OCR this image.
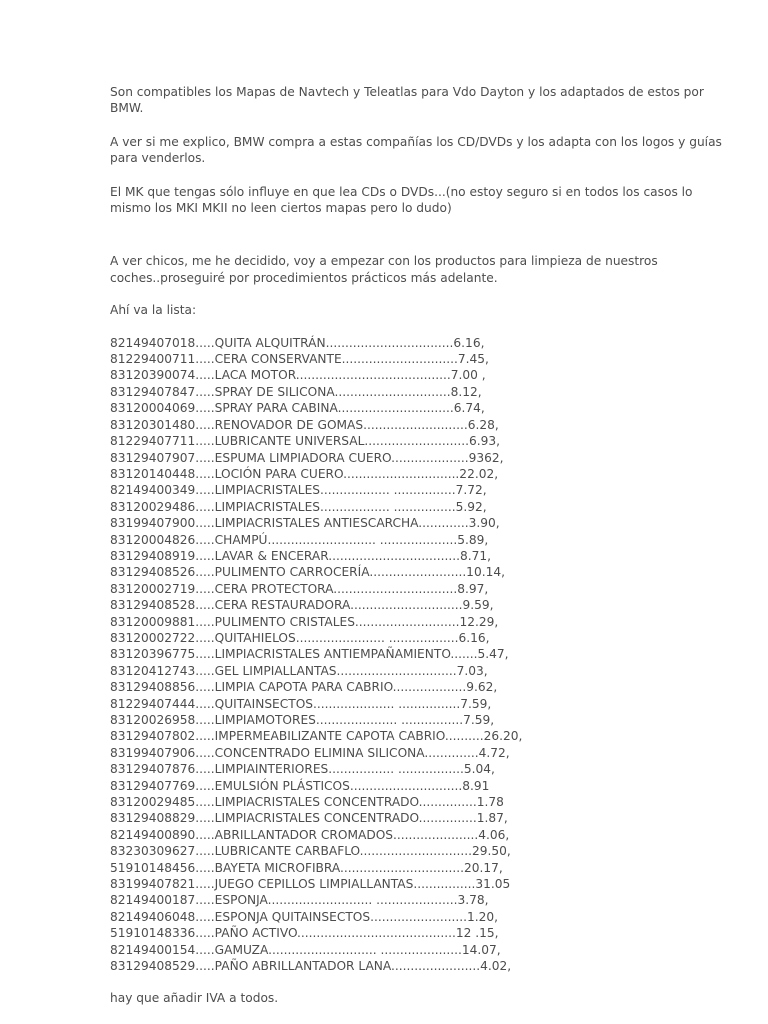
Son compatibles los Mapas de Navtech y Teleatlas para Vdo Dayton y los adaptados de estos por BMW.

A ver si me explico, BMW compra a estas compañías los CD/DVDs y los adapta con los logos y guías para venderlos.

El MK que tengas sólo influye en que lea CDs o DVDs...(no estoy seguro si en todos los casos lo mismo los MKI MKII no leen ciertos mapas pero lo dudo)

A ver chicos, me he decidido, voy a empezar con los productos para limpieza de nuestros coches..proseguiré por procedimientos prácticos más adelante.

Ahí va la lista:

82149407018.....QUITA ALQUITRÁN.................................6.16,
81229400711.....CERA CONSERVANTE..............................7.45,
83120390074.....LACA MOTOR........................................7.00 ,
83129407847.....SPRAY DE SILICONA..............................8.12,
83120004069.....SPRAY PARA CABINA..............................6.74,
83120301480.....RENOVADOR DE GOMAS...........................6.28,
81229407711.....LUBRICANTE UNIVERSAL...........................6.93,
83129407907.....ESPUMA LIMPIADORA CUERO....................9362,
83120140448.....LOCIÓN PARA CUERO..............................22.02,
82149400349.....LIMPIACRISTALES.................. ................7.72,
83120029486.....LIMPIACRISTALES.................. ................5.92,
83199407900.....LIMPIACRISTALES ANTIESCARCHA.............3.90,
83120004826.....CHAMPÚ............................ ....................5.89,
83129408919.....LAVAR & ENCERAR..................................8.71,
83129408526.....PULIMENTO CARROCERÍA.........................10.14,
83120002719.....CERA PROTECTORA................................8.97,
83129408528.....CERA RESTAURADORA.............................9.59,
83120009881.....PULIMENTO CRISTALES...........................12.29,
83120002722.....QUITAHIELOS....................... ..................6.16,
83120396775.....LIMPIACRISTALES ANTIEMPAÑAMIENTO.......5.47,
83120412743.....GEL LIMPIALLANTAS...............................7.03,
83129408856.....LIMPIA CAPOTA PARA CABRIO...................9.62,
81229407444.....QUITAINSECTOS..................... ................7.59,
83120026958.....LIMPIAMOTORES..................... ................7.59,
83129407802.....IMPERMEABILIZANTE CAPOTA CABRIO..........26.20,
83199407906.....CONCENTRADO ELIMINA SILICONA..............4.72,
83129407876.....LIMPIAINTERIORES................. .................5.04,
83129407769.....EMULSIÓN PLÁSTICOS.............................8.91
83120029485.....LIMPIACRISTALES CONCENTRADO...............1.78
83129408829.....LIMPIACRISTALES CONCENTRADO...............1.87,
82149400890.....ABRILLANTADOR CROMADOS......................4.06,
83230309627.....LUBRICANTE CARBAFLO.............................29.50,
51910148456.....BAYETA MICROFIBRA................................20.17,
83199407821.....JUEGO CEPILLOS LIMPIALLANTAS................31.05
82149400187.....ESPONJA........................... .....................3.78,
82149406048.....ESPONJA QUITAINSECTOS.........................1.20,
51910148336.....PAÑO ACTIVO.........................................12 .15,
82149400154.....GAMUZA............................ .....................14.07,
83129408529.....PAÑO ABRILLANTADOR LANA.......................4.02,

hay que añadir IVA a todos.
